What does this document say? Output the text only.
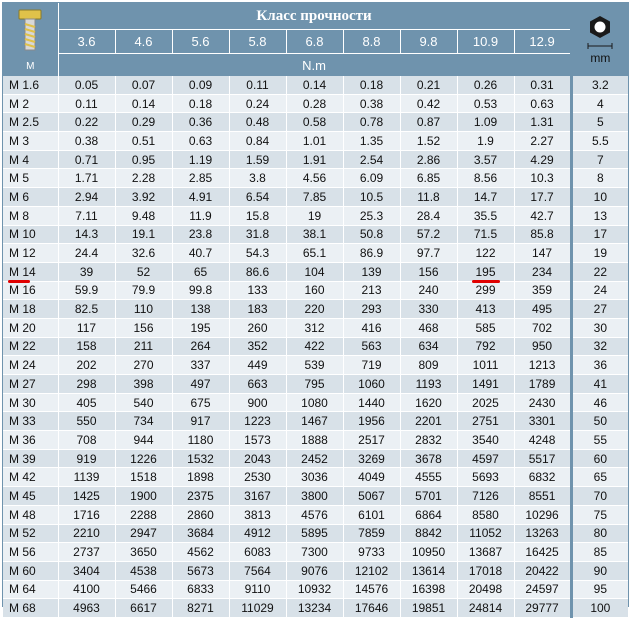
M	Класс прочности									mm

	3.6	4.6	5.6	5.8	6.8	8.8	9.8	10.9	12.9	
	N.m									
M 1.6	0.05	0.07	0.09	0.11	0.14	0.18	0.21	0.26	0.31	3.2
M 2	0.11	0.14	0.18	0.24	0.28	0.38	0.42	0.53	0.63	4
M 2.5	0.22	0.29	0.36	0.48	0.58	0.78	0.87	1.09	1.31	5
M 3	0.38	0.51	0.63	0.84	1.01	1.35	1.52	1.9	2.27	5.5
M 4	0.71	0.95	1.19	1.59	1.91	2.54	2.86	3.57	4.29	7
M 5	1.71	2.28	2.85	3.8	4.56	6.09	6.85	8.56	10.3	8
M 6	2.94	3.92	4.91	6.54	7.85	10.5	11.8	14.7	17.7	10
M 8	7.11	9.48	11.9	15.8	19	25.3	28.4	35.5	42.7	13
M 10	14.3	19.1	23.8	31.8	38.1	50.8	57.2	71.5	85.8	17
M 12	24.4	32.6	40.7	54.3	65.1	86.9	97.7	122	147	19
M 14	39	52	65	86.6	104	139	156	195	234	22
M 16	59.9	79.9	99.8	133	160	213	240	299	359	24
M 18	82.5	110	138	183	220	293	330	413	495	27
M 20	117	156	195	260	312	416	468	585	702	30
M 22	158	211	264	352	422	563	634	792	950	32
M 24	202	270	337	449	539	719	809	1011	1213	36
M 27	298	398	497	663	795	1060	1193	1491	1789	41
M 30	405	540	675	900	1080	1440	1620	2025	2430	46
M 33	550	734	917	1223	1467	1956	2201	2751	3301	50
M 36	708	944	1180	1573	1888	2517	2832	3540	4248	55
M 39	919	1226	1532	2043	2452	3269	3678	4597	5517	60
M 42	1139	1518	1898	2530	3036	4049	4555	5693	6832	65
M 45	1425	1900	2375	3167	3800	5067	5701	7126	8551	70
M 48	1716	2288	2860	3813	4576	6101	6864	8580	10296	75
M 52	2210	2947	3684	4912	5895	7859	8842	11052	13263	80
M 56	2737	3650	4562	6083	7300	9733	10950	13687	16425	85
M 60	3404	4538	5673	7564	9076	12102	13614	17018	20422	90
M 64	4100	5466	6833	9110	10932	14576	16398	20498	24597	95
M 68	4963	6617	8271	11029	13234	17646	19851	24814	29777	100
